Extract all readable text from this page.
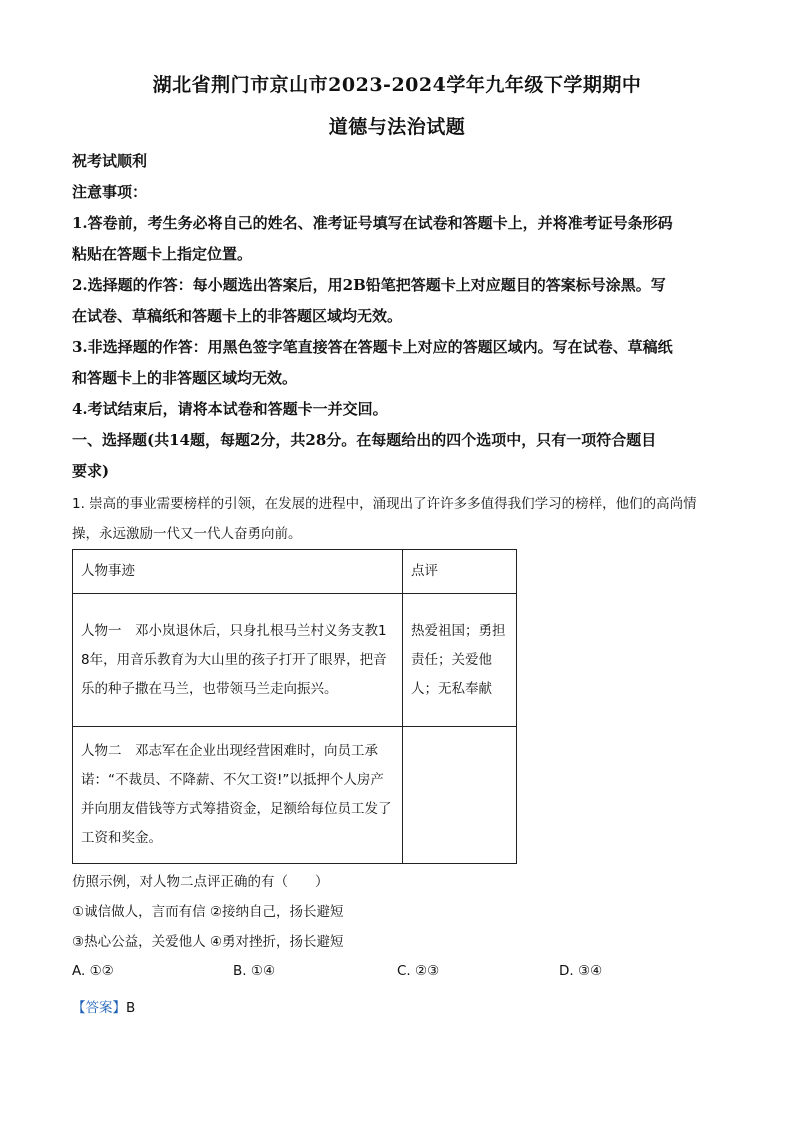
湖北省荆门市京山市2023-2024学年九年级下学期期中
道德与法治试题
祝考试顺利
注意事项：
1.答卷前，考生务必将自己的姓名、准考证号填写在试卷和答题卡上，并将准考证号条形码
粘贴在答题卡上指定位置。
2.选择题的作答：每小题选出答案后，用2B铅笔把答题卡上对应题目的答案标号涂黑。写
在试卷、草稿纸和答题卡上的非答题区域均无效。
3.非选择题的作答：用黑色签字笔直接答在答题卡上对应的答题区域内。写在试卷、草稿纸
和答题卡上的非答题区域均无效。
4.考试结束后，请将本试卷和答题卡一并交回。
一、选择题(共14题，每题2分，共28分。在每题给出的四个选项中，只有一项符合题目
要求)
1. 崇高的事业需要榜样的引领，在发展的进程中，涌现出了许许多多值得我们学习的榜样，他们的高尚情
操，永远激励一代又一代人奋勇向前。
人物事迹	点评

人物一　邓小岚退休后，只身扎根马兰村义务支教18年，用音乐教育为大山里的孩子打开了眼界，把音乐的种子撒在马兰，也带领马兰走向振兴。	热爱祖国；勇担责任；关爱他人；无私奉献

人物二　邓志军在企业出现经营困难时，向员工承诺：“不裁员、不降薪、不欠工资!”以抵押个人房产并向朋友借钱等方式筹措资金，足额给每位员工发了工资和奖金。	

仿照示例，对人物二点评正确的有（　　）
①诚信做人，言而有信 ②接纳自己，扬长避短
③热心公益，关爱他人 ④勇对挫折，扬长避短
A. ①②	B. ①④	C. ②③	D. ③④
【答案】B
